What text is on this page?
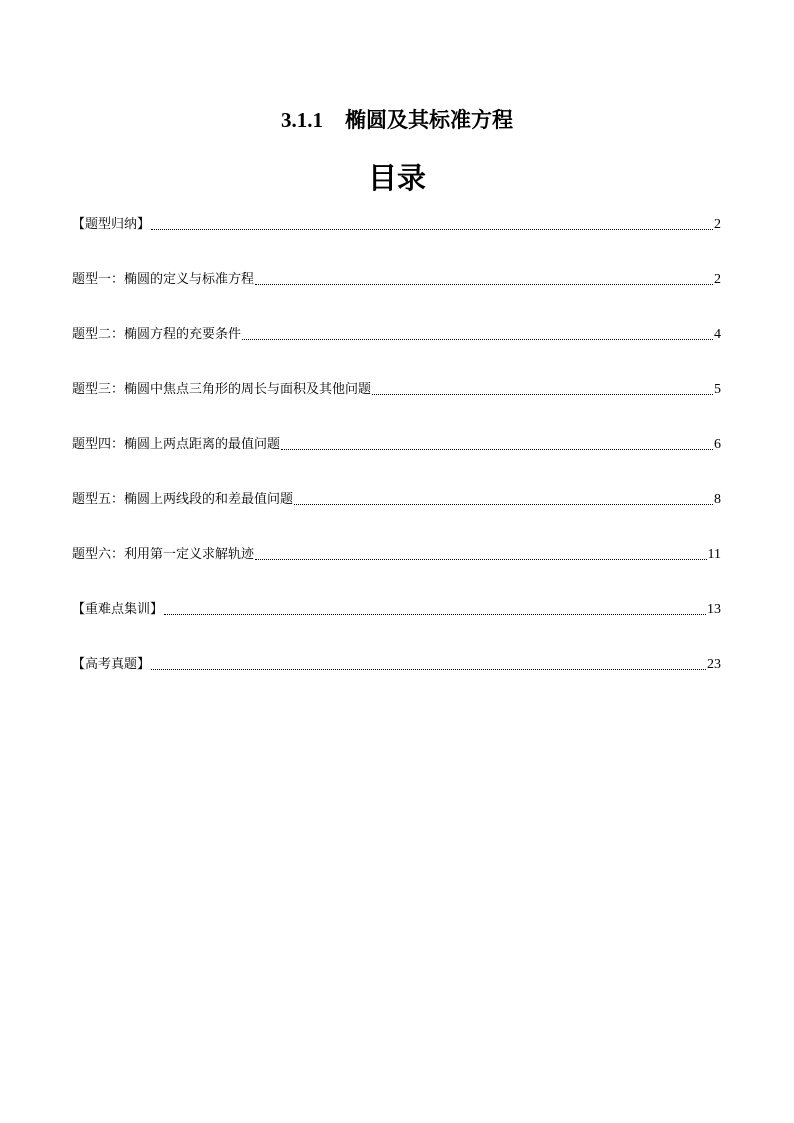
3.1.1 椭圆及其标准方程
目录
【题型归纳】	2
题型一：椭圆的定义与标准方程	2
题型二：椭圆方程的充要条件	4
题型三：椭圆中焦点三角形的周长与面积及其他问题	5
题型四：椭圆上两点距离的最值问题	6
题型五：椭圆上两线段的和差最值问题	8
题型六：利用第一定义求解轨迹	11
【重难点集训】	13
【高考真题】	23
